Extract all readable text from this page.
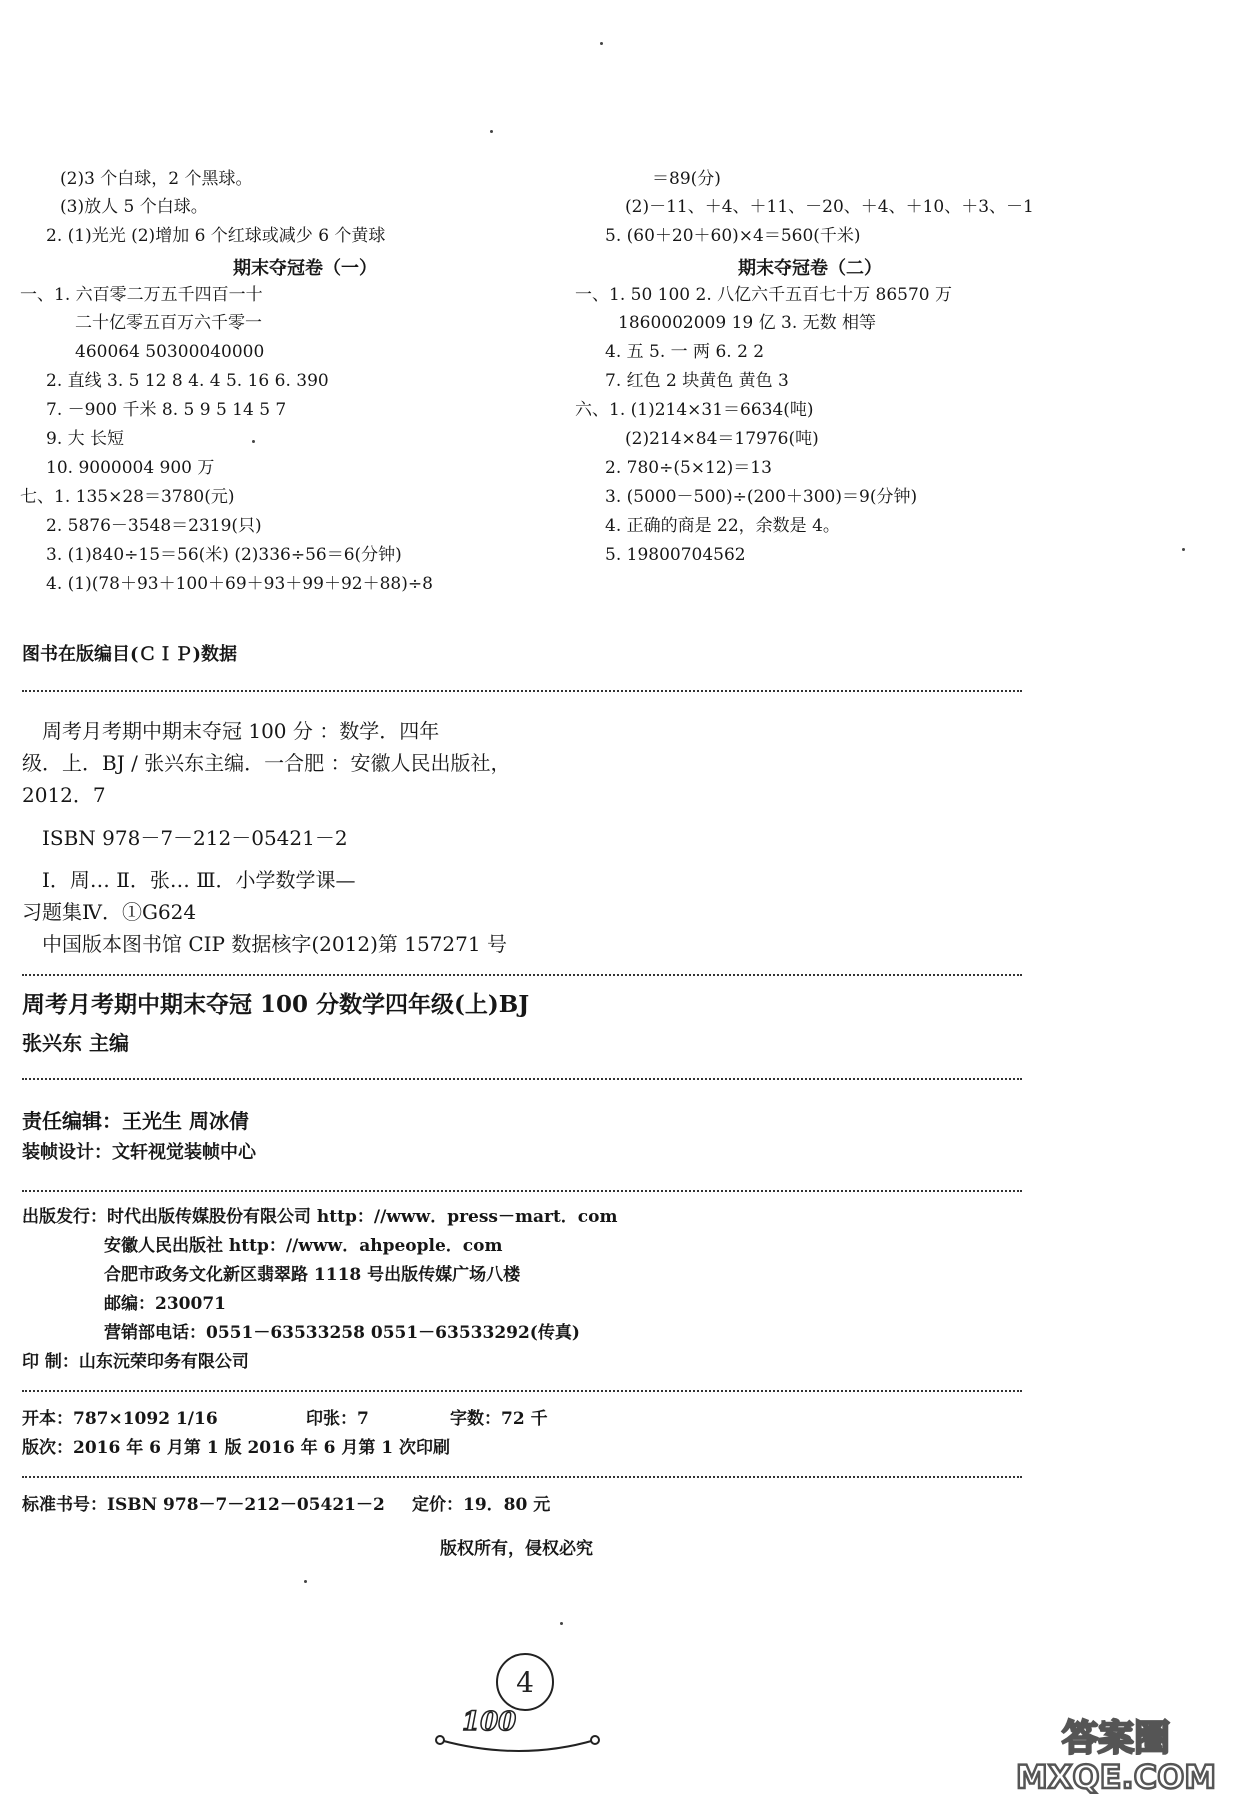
(2)3 个白球，2 个黑球。
(3)放人 5 个白球。
2. (1)光光 (2)增加 6 个红球或减少 6 个黄球
＝89(分)
(2)－11、＋4、＋11、－20、＋4、＋10、＋3、－1
5. (60＋20＋60)×4＝560(千米)
期末夺冠卷（一）	期末夺冠卷（二）
一、1. 六百零二万五千四百一十
二十亿零五百万六千零一
460064 50300040000
2. 直线 3. 5 12 8 4. 4 5. 16 6. 390
7. －900 千米 8. 5 9 5 14 5 7
9. 大 长短
10. 9000004 900 万
七、1. 135×28＝3780(元)
2. 5876－3548＝2319(只)
3. (1)840÷15＝56(米) (2)336÷56＝6(分钟)
4. (1)(78＋93＋100＋69＋93＋99＋92＋88)÷8
一、1. 50 100 2. 八亿六千五百七十万 86570 万
1860002009 19 亿 3. 无数 相等
4. 五 5. 一 两 6. 2 2
7. 红色 2 块黄色 黄色 3
六、1. (1)214×31＝6634(吨)
(2)214×84＝17976(吨)
2. 780÷(5×12)＝13
3. (5000－500)÷(200＋300)＝9(分钟)
4. 正确的商是 22，余数是 4。
5. 19800704562
图书在版编目(ＣＩＰ)数据
周考月考期中期末夺冠 100 分 ：数学．四年
级．上．BJ / 张兴东主编．一合肥 ：安徽人民出版社，
2012．7
ISBN 978－7－212－05421－2
Ⅰ．周… Ⅱ．张… Ⅲ．小学数学课—
习题集Ⅳ．①G624
中国版本图书馆 CIP 数据核字(2012)第 157271 号
周考月考期中期末夺冠 100 分数学四年级(上)BJ
张兴东 主编
责任编辑：王光生 周冰倩
装帧设计：文轩视觉装帧中心
出版发行：时代出版传媒股份有限公司 http：//www．press－mart．com
安徽人民出版社 http：//www．ahpeople．com
合肥市政务文化新区翡翠路 1118 号出版传媒广场八楼
邮编：230071
营销部电话：0551－63533258 0551－63533292(传真)
印 制：山东沅荣印务有限公司
开本：787×1092 1/16	印张：7	字数：72 千
版次：2016 年 6 月第 1 版 2016 年 6 月第 1 次印刷
标准书号：ISBN 978－7－212－05421－2 定价：19．80 元
版权所有，侵权必究
4
100	答案圈
MXQE.COM
